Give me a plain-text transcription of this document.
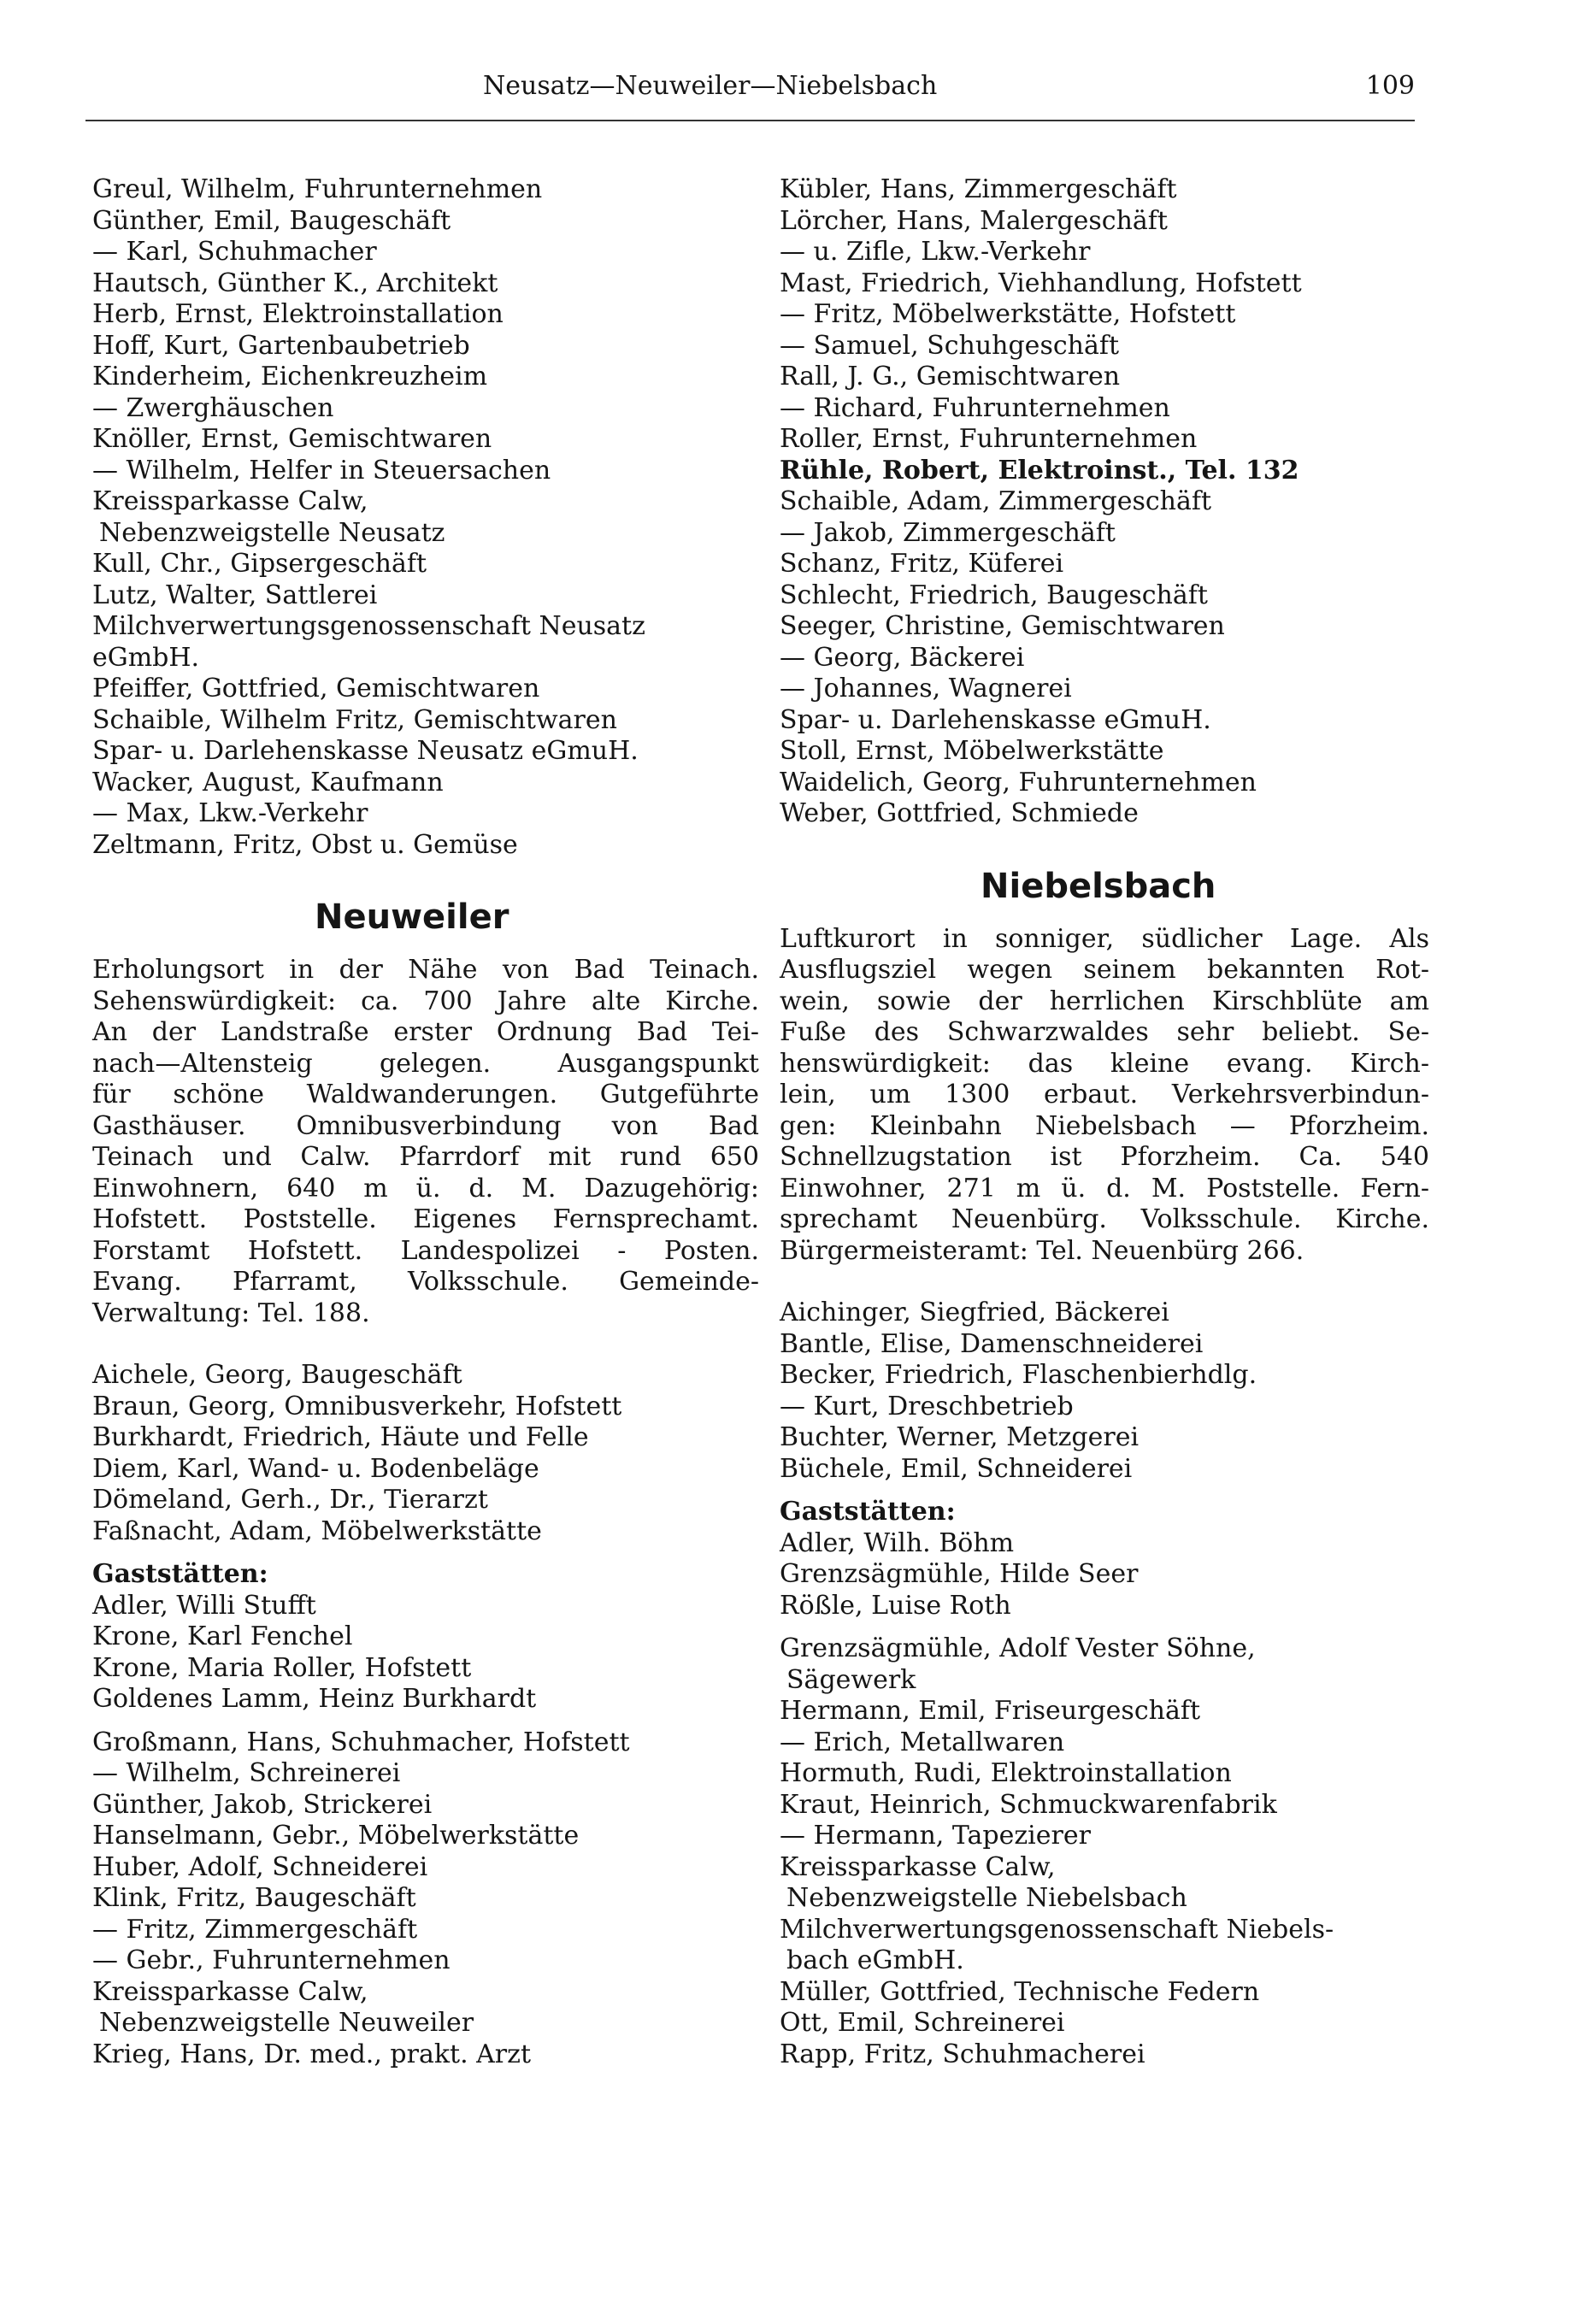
Neusatz—Neuweiler—Niebelsbach	109
Greul, Wilhelm, Fuhrunternehmen
Günther, Emil, Baugeschäft
— Karl, Schuhmacher
Hautsch, Günther K., Architekt
Herb, Ernst, Elektroinstallation
Hoff, Kurt, Gartenbaubetrieb
Kinderheim, Eichenkreuzheim
— Zwerghäuschen
Knöller, Ernst, Gemischtwaren
— Wilhelm, Helfer in Steuersachen
Kreissparkasse Calw,
Nebenzweigstelle Neusatz
Kull, Chr., Gipsergeschäft
Lutz, Walter, Sattlerei
Milchverwertungsgenossenschaft Neusatz
eGmbH.
Pfeiffer, Gottfried, Gemischtwaren
Schaible, Wilhelm Fritz, Gemischtwaren
Spar- u. Darlehenskasse Neusatz eGmuH.
Wacker, August, Kaufmann
— Max, Lkw.-Verkehr
Zeltmann, Fritz, Obst u. Gemüse
Neuweiler
Erholungsort in der Nähe von Bad Teinach.
Sehenswürdigkeit: ca. 700 Jahre alte Kirche.
An der Landstraße erster Ordnung Bad Tei-
nach—Altensteig gelegen. Ausgangspunkt
für schöne Waldwanderungen. Gutgeführte
Gasthäuser. Omnibusverbindung von Bad
Teinach und Calw. Pfarrdorf mit rund 650
Einwohnern, 640 m ü. d. M. Dazugehörig:
Hofstett. Poststelle. Eigenes Fernsprechamt.
Forstamt Hofstett. Landespolizei - Posten.
Evang. Pfarramt, Volksschule. Gemeinde-
Verwaltung: Tel. 188.
Aichele, Georg, Baugeschäft
Braun, Georg, Omnibusverkehr, Hofstett
Burkhardt, Friedrich, Häute und Felle
Diem, Karl, Wand- u. Bodenbeläge
Dömeland, Gerh., Dr., Tierarzt
Faßnacht, Adam, Möbelwerkstätte
Gaststätten:
Adler, Willi Stufft
Krone, Karl Fenchel
Krone, Maria Roller, Hofstett
Goldenes Lamm, Heinz Burkhardt
Großmann, Hans, Schuhmacher, Hofstett
— Wilhelm, Schreinerei
Günther, Jakob, Strickerei
Hanselmann, Gebr., Möbelwerkstätte
Huber, Adolf, Schneiderei
Klink, Fritz, Baugeschäft
— Fritz, Zimmergeschäft
— Gebr., Fuhrunternehmen
Kreissparkasse Calw,
Nebenzweigstelle Neuweiler
Krieg, Hans, Dr. med., prakt. Arzt
Kübler, Hans, Zimmergeschäft
Lörcher, Hans, Malergeschäft
— u. Zifle, Lkw.-Verkehr
Mast, Friedrich, Viehhandlung, Hofstett
— Fritz, Möbelwerkstätte, Hofstett
— Samuel, Schuhgeschäft
Rall, J. G., Gemischtwaren
— Richard, Fuhrunternehmen
Roller, Ernst, Fuhrunternehmen
Rühle, Robert, Elektroinst., Tel. 132
Schaible, Adam, Zimmergeschäft
— Jakob, Zimmergeschäft
Schanz, Fritz, Küferei
Schlecht, Friedrich, Baugeschäft
Seeger, Christine, Gemischtwaren
— Georg, Bäckerei
— Johannes, Wagnerei
Spar- u. Darlehenskasse eGmuH.
Stoll, Ernst, Möbelwerkstätte
Waidelich, Georg, Fuhrunternehmen
Weber, Gottfried, Schmiede
Niebelsbach
Luftkurort in sonniger, südlicher Lage. Als
Ausflugsziel wegen seinem bekannten Rot-
wein, sowie der herrlichen Kirschblüte am
Fuße des Schwarzwaldes sehr beliebt. Se-
henswürdigkeit: das kleine evang. Kirch-
lein, um 1300 erbaut. Verkehrsverbindun-
gen: Kleinbahn Niebelsbach — Pforzheim.
Schnellzugstation ist Pforzheim. Ca. 540
Einwohner, 271 m ü. d. M. Poststelle. Fern-
sprechamt Neuenbürg. Volksschule. Kirche.
Bürgermeisteramt: Tel. Neuenbürg 266.
Aichinger, Siegfried, Bäckerei
Bantle, Elise, Damenschneiderei
Becker, Friedrich, Flaschenbierhdlg.
— Kurt, Dreschbetrieb
Buchter, Werner, Metzgerei
Büchele, Emil, Schneiderei
Gaststätten:
Adler, Wilh. Böhm
Grenzsägmühle, Hilde Seer
Rößle, Luise Roth
Grenzsägmühle, Adolf Vester Söhne,
Sägewerk
Hermann, Emil, Friseurgeschäft
— Erich, Metallwaren
Hormuth, Rudi, Elektroinstallation
Kraut, Heinrich, Schmuckwarenfabrik
— Hermann, Tapezierer
Kreissparkasse Calw,
Nebenzweigstelle Niebelsbach
Milchverwertungsgenossenschaft Niebels-
bach eGmbH.
Müller, Gottfried, Technische Federn
Ott, Emil, Schreinerei
Rapp, Fritz, Schuhmacherei
